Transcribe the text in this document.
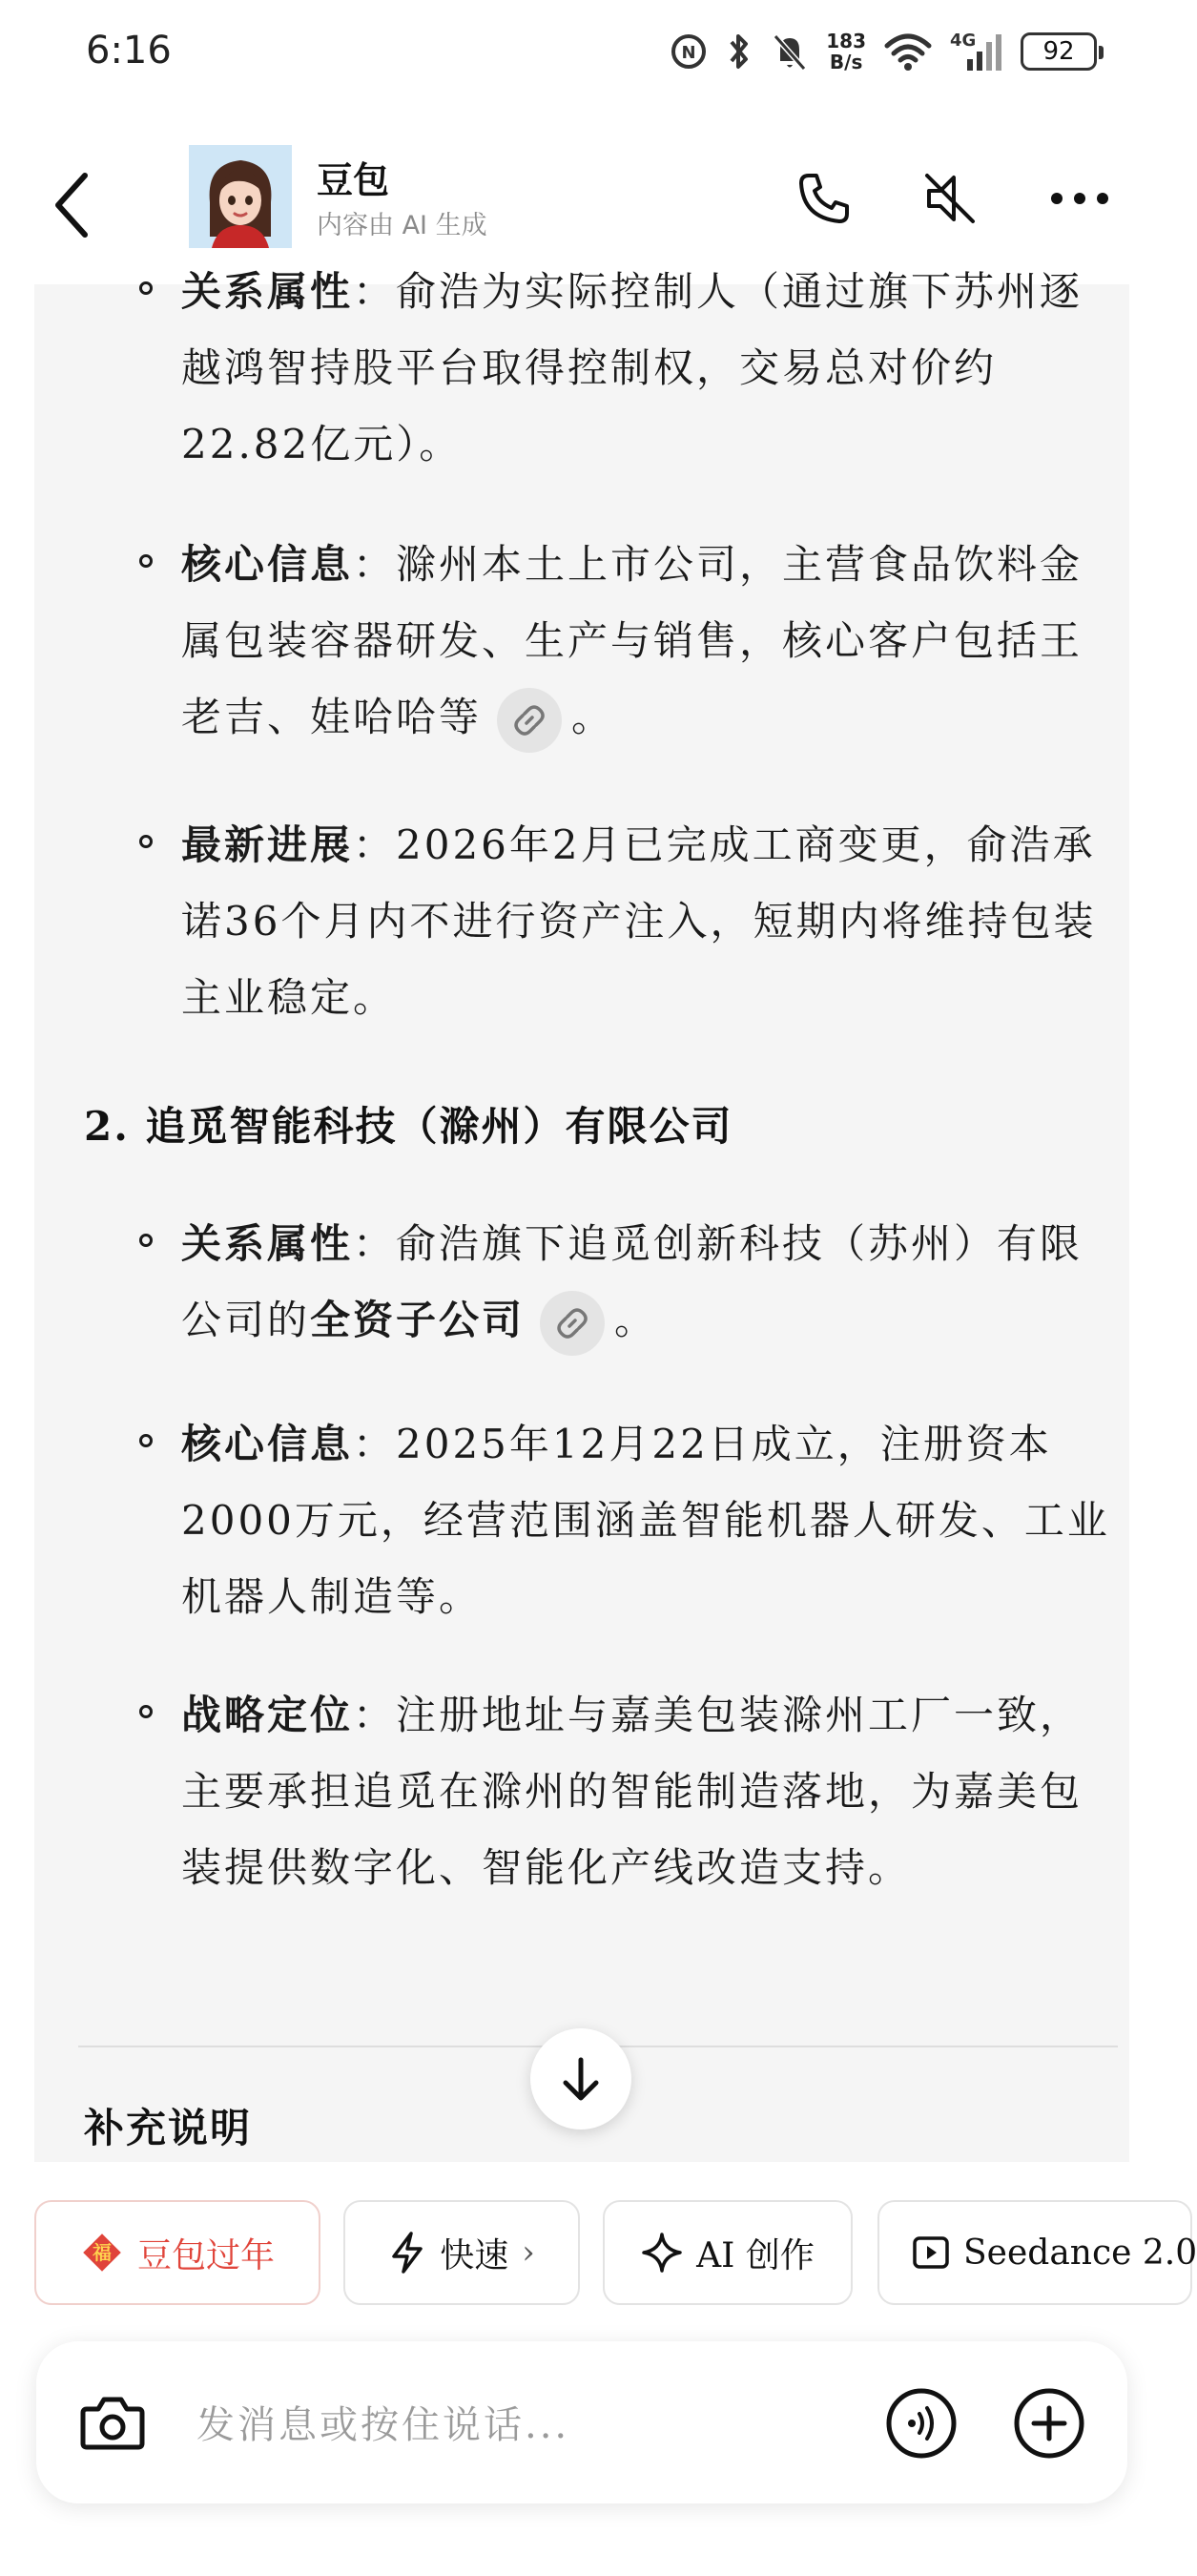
6:16	N
183
B/s
4G	92
豆包
内容由 AI 生成
关系属性：俞浩为实际控制人（通过旗下苏州逐越鸿智持股平台取得控制权，交易总对价约22.82亿元）。
核心信息：滁州本土上市公司，主营食品饮料金属包装容器研发、生产与销售，核心客户包括王老吉、娃哈哈等 。
最新进展：2026年2月已完成工商变更，俞浩承诺36个月内不进行资产注入，短期内将维持包装主业稳定。
2. 追觅智能科技（滁州）有限公司
关系属性：俞浩旗下追觅创新科技（苏州）有限公司的全资子公司 。
核心信息：2025年12月22日成立，注册资本2000万元，经营范围涵盖智能机器人研发、工业机器人制造等。
战略定位：注册地址与嘉美包装滁州工厂一致，主要承担追觅在滁州的智能制造落地，为嘉美包装提供数字化、智能化产线改造支持。
补充说明
福 豆包过年	快速 ›	AI 创作	Seedance 2.0
发消息或按住说话...
